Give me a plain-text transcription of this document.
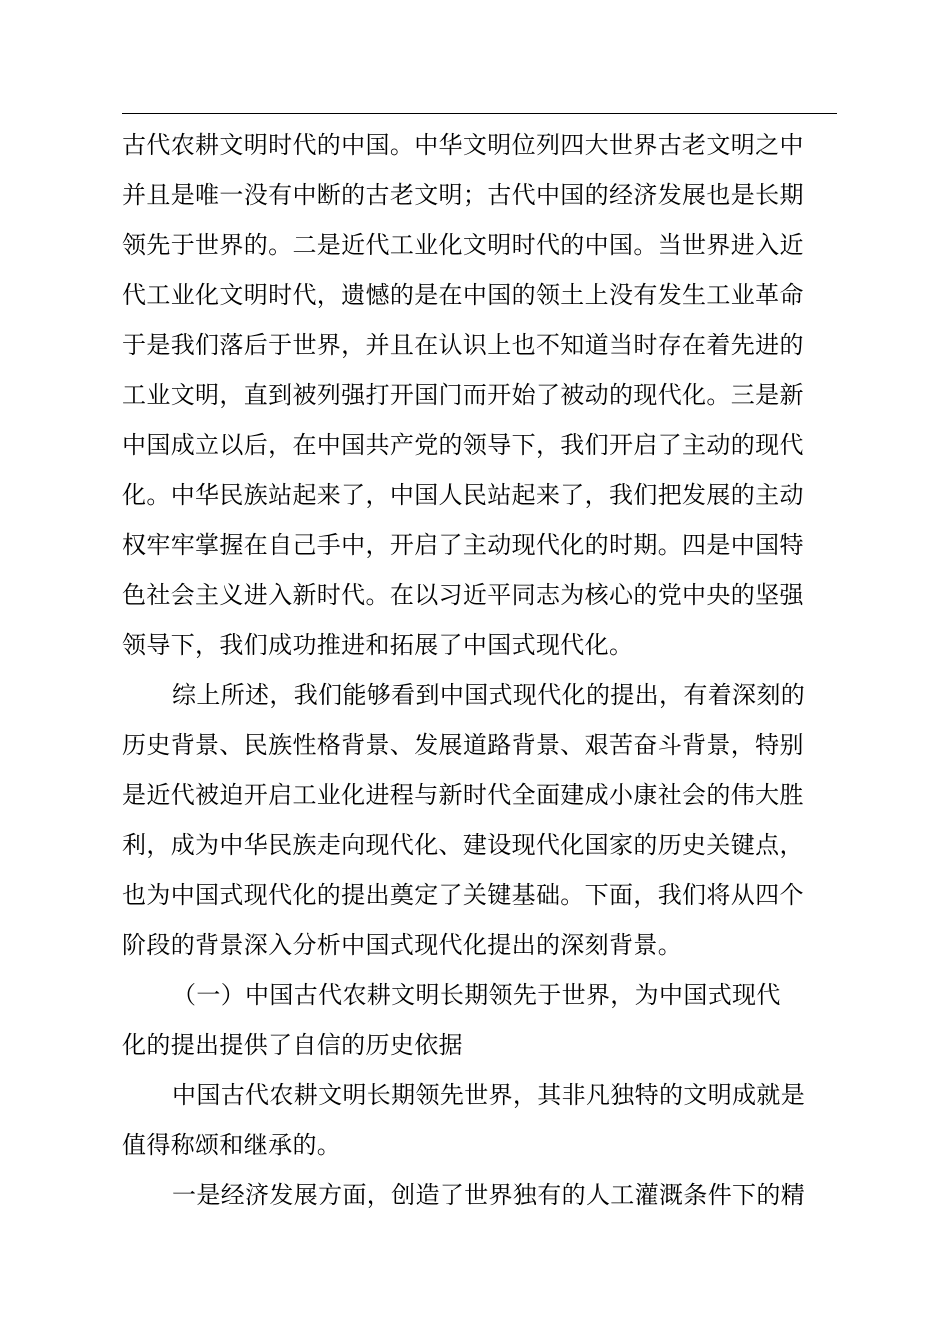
古代农耕文明时代的中国。中华文明位列四大世界古老文明之中
并且是唯一没有中断的古老文明；古代中国的经济发展也是长期
领先于世界的。二是近代工业化文明时代的中国。当世界进入近
代工业化文明时代，遗憾的是在中国的领土上没有发生工业革命
于是我们落后于世界，并且在认识上也不知道当时存在着先进的
工业文明，直到被列强打开国门而开始了被动的现代化。三是新
中国成立以后，在中国共产党的领导下，我们开启了主动的现代
化。中华民族站起来了，中国人民站起来了，我们把发展的主动
权牢牢掌握在自己手中，开启了主动现代化的时期。四是中国特
色社会主义进入新时代。在以习近平同志为核心的党中央的坚强
领导下，我们成功推进和拓展了中国式现代化。
综上所述，我们能够看到中国式现代化的提出，有着深刻的
历史背景、民族性格背景、发展道路背景、艰苦奋斗背景，特别
是近代被迫开启工业化进程与新时代全面建成小康社会的伟大胜
利，成为中华民族走向现代化、建设现代化国家的历史关键点，
也为中国式现代化的提出奠定了关键基础。下面，我们将从四个
阶段的背景深入分析中国式现代化提出的深刻背景。
（一）中国古代农耕文明长期领先于世界，为中国式现代
化的提出提供了自信的历史依据
中国古代农耕文明长期领先世界，其非凡独特的文明成就是
值得称颂和继承的。
一是经济发展方面，创造了世界独有的人工灌溉条件下的精
